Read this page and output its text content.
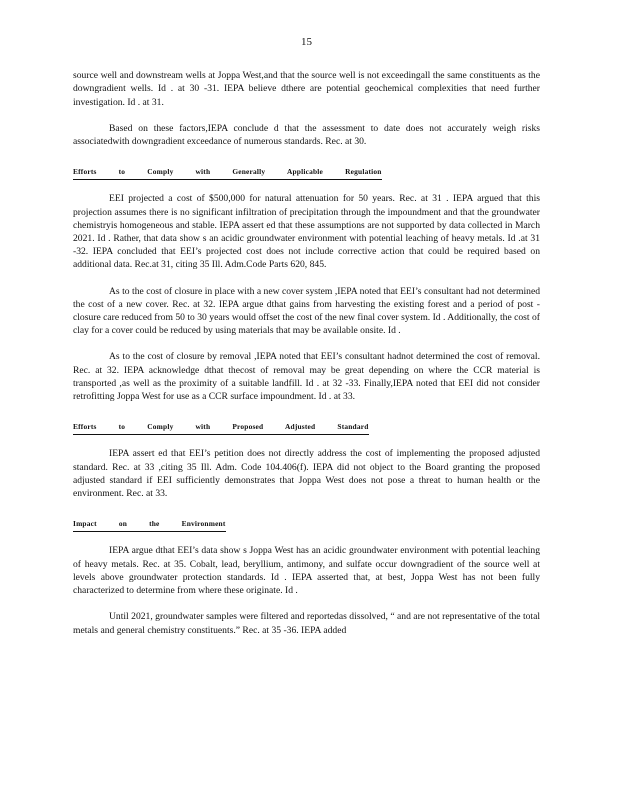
15

source well and downstream wells at Joppa West,and that the source well is not exceedingall the same constituents as the downgradient wells. Id . at 30 -31. IEPA believe dthere are potential geochemical complexities that need further investigation. Id . at 31.

Based on these factors,IEPA conclude d that the assessment to date does not accurately weigh risks associatedwith downgradient exceedance of numerous standards. Rec. at 30.

Efforts to Comply with Generally Applicable Regulation

EEI projected a cost of $500,000 for natural attenuation for 50 years. Rec. at 31 . IEPA argued that this projection assumes there is no significant infiltration of precipitation through the impoundment and that the groundwater chemistryis homogeneous and stable. IEPA assert ed that these assumptions are not supported by data collected in March 2021. Id . Rather, that data show s an acidic groundwater environment with potential leaching of heavy metals. Id .at 31 -32. IEPA concluded that EEI’s projected cost does not include corrective action that could be required based on additional data. Rec.at 31, citing 35 Ill. Adm.Code Parts 620, 845.

As to the cost of closure in place with a new cover system ,IEPA noted that EEI’s consultant had not determined the cost of a new cover. Rec. at 32. IEPA argue dthat gains from harvesting the existing forest and a period of post -closure care reduced from 50 to 30 years would offset the cost of the new final cover system. Id . Additionally, the cost of clay for a cover could be reduced by using materials that may be available onsite. Id .

As to the cost of closure by removal ,IEPA noted that EEI’s consultant hadnot determined the cost of removal. Rec. at 32. IEPA acknowledge dthat thecost of removal may be great depending on where the CCR material is transported ,as well as the proximity of a suitable landfill. Id . at 32 -33. Finally,IEPA noted that EEI did not consider retrofitting Joppa West for use as a CCR surface impoundment. Id . at 33.

Efforts to Comply with Proposed Adjusted Standard

IEPA assert ed that EEI’s petition does not directly address the cost of implementing the proposed adjusted standard. Rec. at 33 ,citing 35 Ill. Adm. Code 104.406(f). IEPA did not object to the Board granting the proposed adjusted standard if EEI sufficiently demonstrates that Joppa West does not pose a threat to human health or the environment. Rec. at 33.

Impact on the Environment

IEPA argue dthat EEI’s data show s Joppa West has an acidic groundwater environment with potential leaching of heavy metals. Rec. at 35. Cobalt, lead, beryllium, antimony, and sulfate occur downgradient of the source well at levels above groundwater protection standards. Id . IEPA asserted that, at best, Joppa West has not been fully characterized to determine from where these originate. Id .

Until 2021, groundwater samples were filtered and reportedas dissolved, “ and are not representative of the total metals and general chemistry constituents.” Rec. at 35 -36. IEPA added
